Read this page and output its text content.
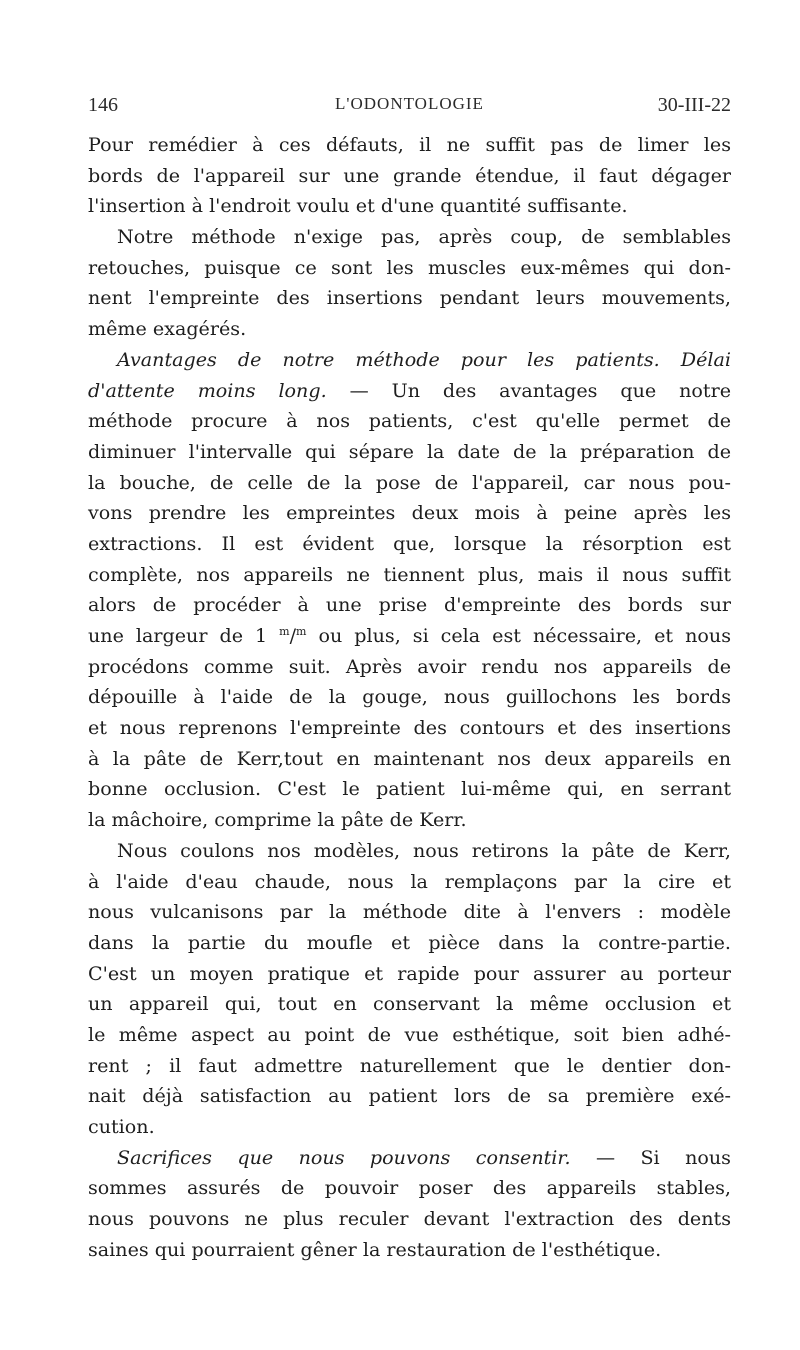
146	L'ODONTOLOGIE	30-III-22
Pour remédier à ces défauts, il ne suffit pas de limer les
bords de l'appareil sur une grande étendue, il faut dégager
l'insertion à l'endroit voulu et d'une quantité suffisante.
Notre méthode n'exige pas, après coup, de semblables
retouches, puisque ce sont les muscles eux-mêmes qui don-
nent l'empreinte des insertions pendant leurs mouvements,
même exagérés.
Avantages de notre méthode pour les patients. Délai
d'attente moins long. — Un des avantages que notre
méthode procure à nos patients, c'est qu'elle permet de
diminuer l'intervalle qui sépare la date de la préparation de
la bouche, de celle de la pose de l'appareil, car nous pou-
vons prendre les empreintes deux mois à peine après les
extractions. Il est évident que, lorsque la résorption est
complète, nos appareils ne tiennent plus, mais il nous suffit
alors de procéder à une prise d'empreinte des bords sur
une largeur de 1 $^m$/$^m$ ou plus, si cela est nécessaire, et nous
procédons comme suit. Après avoir rendu nos appareils de
dépouille à l'aide de la gouge, nous guillochons les bords
et nous reprenons l'empreinte des contours et des insertions
à la pâte de Kerr,tout en maintenant nos deux appareils en
bonne occlusion. C'est le patient lui-même qui, en serrant
la mâchoire, comprime la pâte de Kerr.
Nous coulons nos modèles, nous retirons la pâte de Kerr,
à l'aide d'eau chaude, nous la remplaçons par la cire et
nous vulcanisons par la méthode dite à l'envers : modèle
dans la partie du moufle et pièce dans la contre-partie.
C'est un moyen pratique et rapide pour assurer au porteur
un appareil qui, tout en conservant la même occlusion et
le même aspect au point de vue esthétique, soit bien adhé-
rent ; il faut admettre naturellement que le dentier don-
nait déjà satisfaction au patient lors de sa première exé-
cution.
Sacrifices que nous pouvons consentir. — Si nous
sommes assurés de pouvoir poser des appareils stables,
nous pouvons ne plus reculer devant l'extraction des dents
saines qui pourraient gêner la restauration de l'esthétique.
